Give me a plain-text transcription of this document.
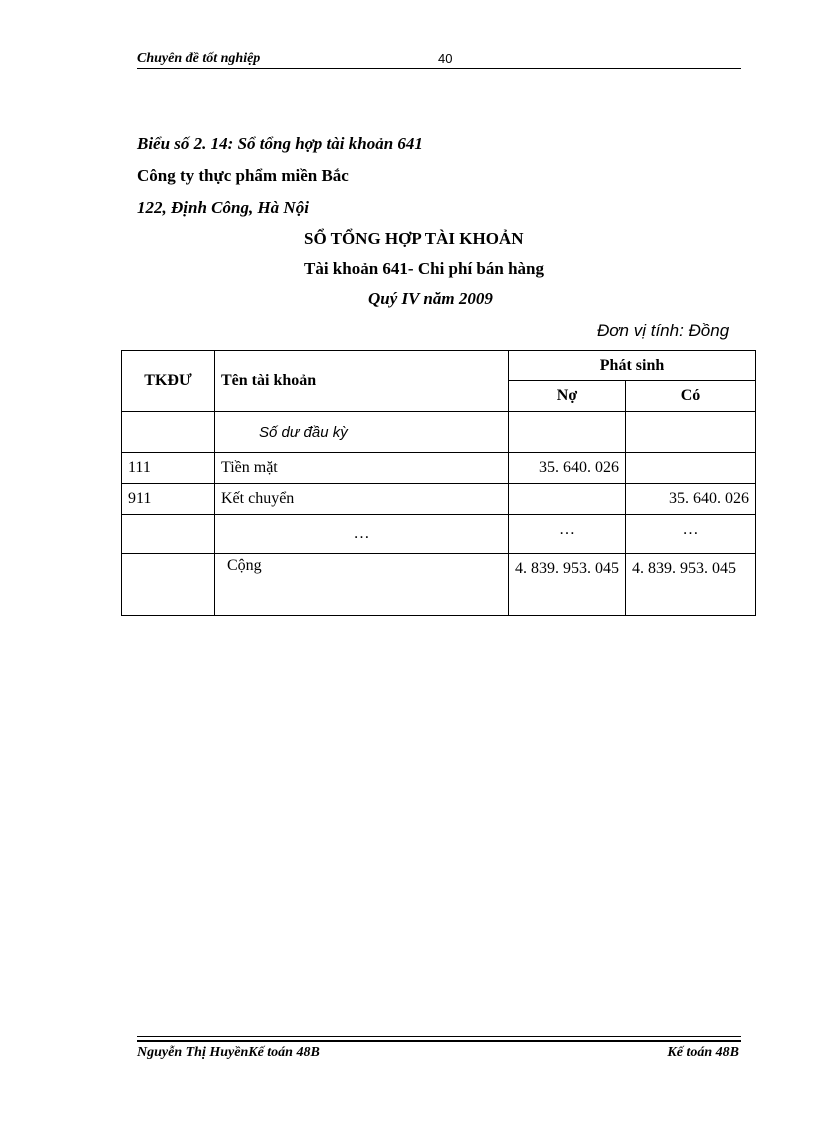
Chuyên đề tốt nghiệp	40
Biểu số 2. 14: Sổ tổng hợp tài khoản 641
Công ty thực phẩm miền Bắc
122, Định Công, Hà Nội
SỔ TỔNG HỢP TÀI KHOẢN
Tài khoản 641- Chi phí bán hàng
Quý IV năm 2009
Đơn vị tính: Đồng
TKĐƯ	Tên tài khoản	Phát sinh	
		Nợ	Có
	Số dư đầu kỳ		
111	Tiền mặt	35. 640. 026	
911	Kết chuyển		35. 640. 026
	…	…	…
	Cộng	4. 839. 953. 045	4. 839. 953. 045
Nguyễn Thị HuyềnKế toán 48B	Kế toán 48B
